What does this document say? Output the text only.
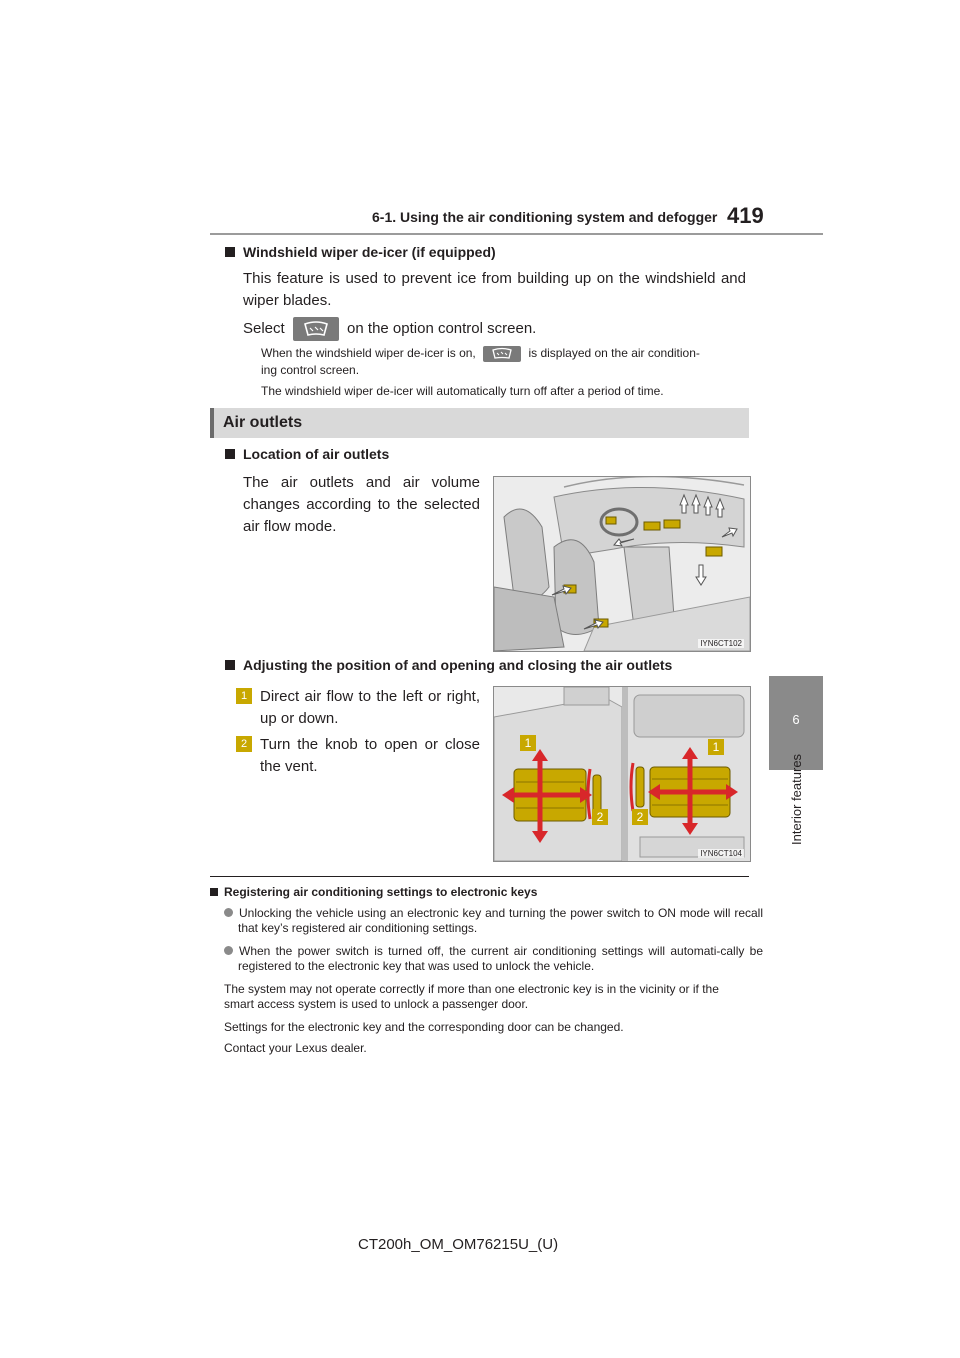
6-1. Using the air conditioning system and defogger 419
6
Interior features
Windshield wiper de-icer (if equipped)
This feature is used to prevent ice from building up on the windshield and wiper blades.
Select	on the option control screen.
When the windshield wiper de-icer is on,	is displayed on the air condition-
ing control screen.
The windshield wiper de-icer will automatically turn off after a period of time.
Air outlets
Location of air outlets
The air outlets and air volume changes according to the selected air flow mode.
IYN6CT102
Adjusting the position of and opening and closing the air outlets
1 Direct air flow to the left or right, up or down.
2 Turn the knob to open or close the vent.
1	1
2	2
IYN6CT104
Registering air conditioning settings to electronic keys
Unlocking the vehicle using an electronic key and turning the power switch to ON mode will recall that key’s registered air conditioning settings.
When the power switch is turned off, the current air conditioning settings will automati-cally be registered to the electronic key that was used to unlock the vehicle.
The system may not operate correctly if more than one electronic key is in the vicinity or if the smart access system is used to unlock a passenger door.
Settings for the electronic key and the corresponding door can be changed.
Contact your Lexus dealer.
CT200h_OM_OM76215U_(U)
